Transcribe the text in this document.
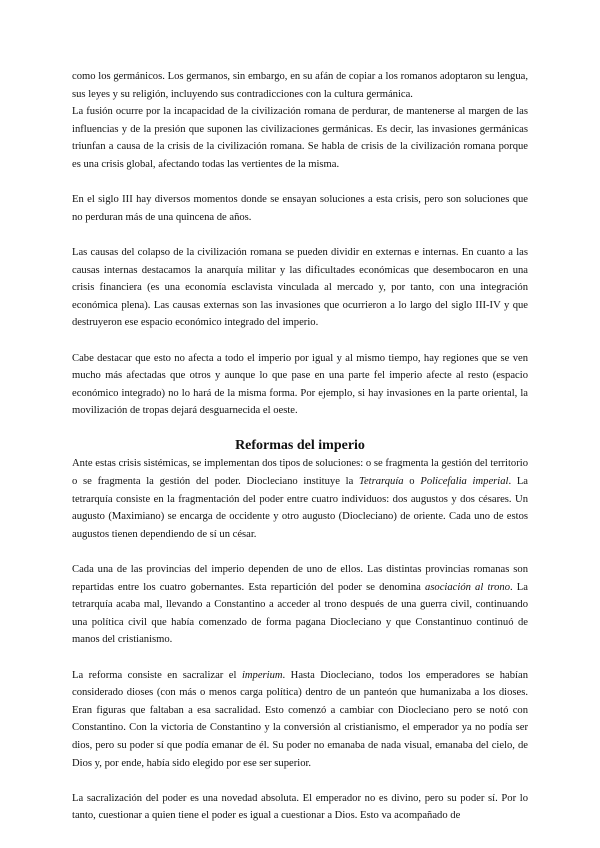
como los germánicos. Los germanos, sin embargo, en su afán de copiar a los romanos adoptaron su lengua, sus leyes y su religión, incluyendo sus contradicciones con la cultura germánica.

La fusión ocurre por la incapacidad de la civilización romana de perdurar, de mantenerse al margen de las influencias y de la presión que suponen las civilizaciones germánicas. Es decir, las invasiones germánicas triunfan a causa de la crisis de la civilización romana. Se habla de crisis de la civilización romana porque es una crisis global, afectando todas las vertientes de la misma.

En el siglo III hay diversos momentos donde se ensayan soluciones a esta crisis, pero son soluciones que no perduran más de una quincena de años.

Las causas del colapso de la civilización romana se pueden dividir en externas e internas. En cuanto a las causas internas destacamos la anarquía militar y las dificultades económicas que desembocaron en una crisis financiera (es una economía esclavista vinculada al mercado y, por tanto, con una integración económica plena). Las causas externas son las invasiones que ocurrieron a lo largo del siglo III-IV y que destruyeron ese espacio económico integrado del imperio.

Cabe destacar que esto no afecta a todo el imperio por igual y al mismo tiempo, hay regiones que se ven mucho más afectadas que otros y aunque lo que pase en una parte fel imperio afecte al resto (espacio económico integrado) no lo hará de la misma forma. Por ejemplo, si hay invasiones en la parte oriental, la movilización de tropas dejará desguarnecida el oeste.

Reformas del imperio

Ante estas crisis sistémicas, se implementan dos tipos de soluciones: o se fragmenta la gestión del territorio o se fragmenta la gestión del poder. Diocleciano instituye la Tetrarquía o Policefalia imperial. La tetrarquía consiste en la fragmentación del poder entre cuatro individuos: dos augustos y dos césares. Un augusto (Maximiano) se encarga de occidente y otro augusto (Diocleciano) de oriente. Cada uno de estos augustos tienen dependiendo de sí un césar.

Cada una de las provincias del imperio dependen de uno de ellos. Las distintas provincias romanas son repartidas entre los cuatro gobernantes. Esta repartición del poder se denomina asociación al trono. La tetrarquía acaba mal, llevando a Constantino a acceder al trono después de una guerra civil, continuando una política civil que había comenzado de forma pagana Diocleciano y que Constantinuo continuó de manos del cristianismo.

La reforma consiste en sacralizar el imperium. Hasta Diocleciano, todos los emperadores se habían considerado dioses (con más o menos carga política) dentro de un panteón que humanizaba a los dioses. Eran figuras que faltaban a esa sacralidad. Esto comenzó a cambiar con Diocleciano pero se notó con Constantino. Con la victoria de Constantino y la conversión al cristianismo, el emperador ya no podía ser dios, pero su poder sí que podía emanar de él. Su poder no emanaba de nada visual, emanaba del cielo, de Dios y, por ende, había sido elegido por ese ser superior.

La sacralización del poder es una novedad absoluta. El emperador no es divino, pero su poder sí. Por lo tanto, cuestionar a quien tiene el poder es igual a cuestionar a Dios. Esto va acompañado de
